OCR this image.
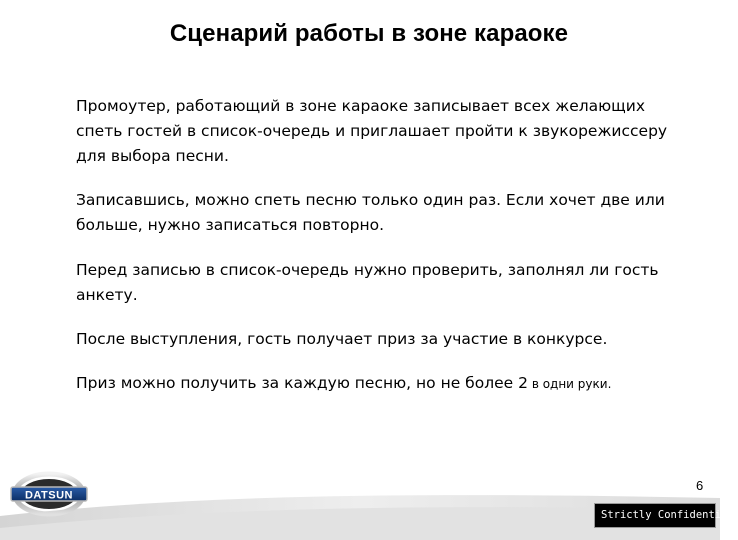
Сценарий работы в зоне караоке

Промоутер, работающий в зоне караоке записывает всех желающих
спеть гостей в список-очередь и приглашает пройти к звукорежиссеру
для выбора песни.

Записавшись, можно спеть песню только один раз. Если хочет две или
больше, нужно записаться повторно.

Перед записью в список-очередь нужно проверить, заполнял ли гость
анкету.

После выступления, гость получает приз за участие в конкурсе.

Приз можно получить за каждую песню, но не более 2 в одни руки.

DATSUN
6
Strictly Confidential
